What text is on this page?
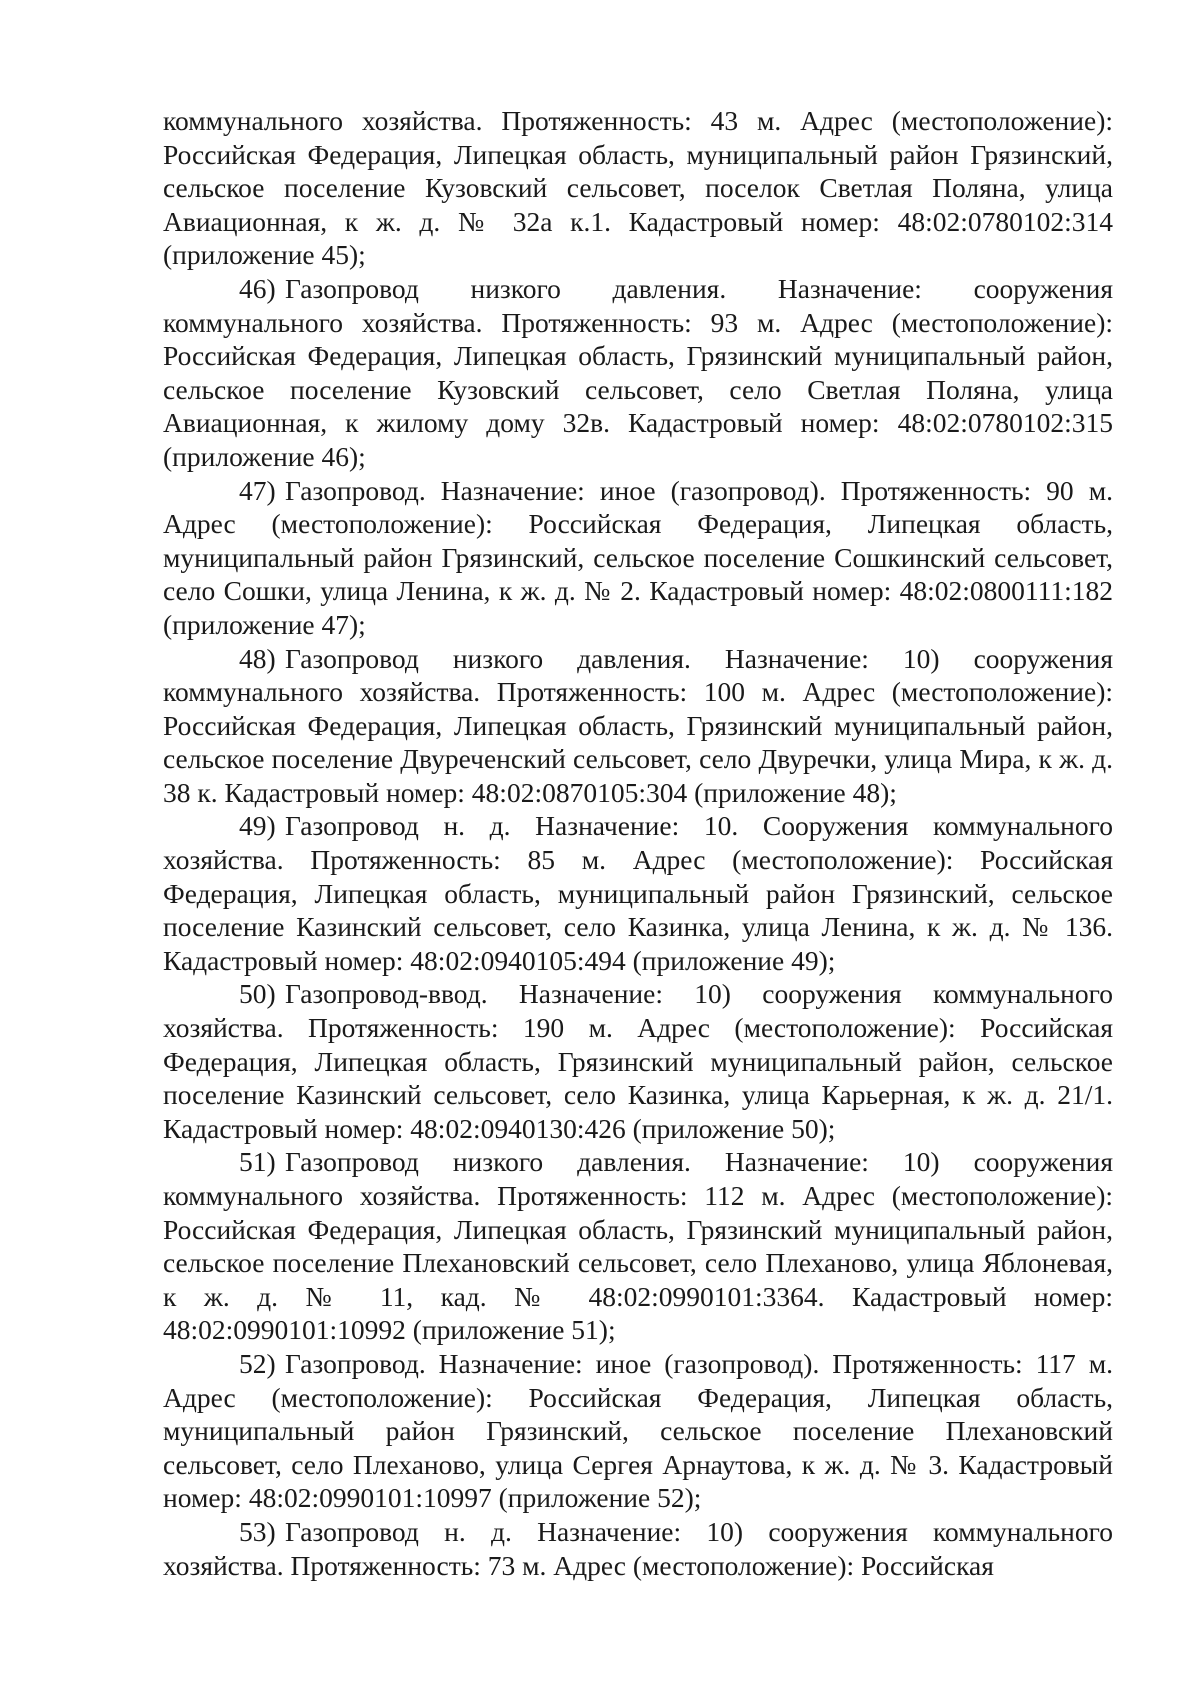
коммунального хозяйства. Протяженность: 43 м. Адрес (местоположение): Российская Федерация, Липецкая область, муниципальный район Грязинский, сельское поселение Кузовский сельсовет, поселок Светлая Поляна, улица Авиационная, к ж. д. № 32а к.1. Кадастровый номер: 48:02:0780102:314 (приложение 45);

46) Газопровод низкого давления. Назначение: сооружения коммунального хозяйства. Протяженность: 93 м. Адрес (местоположение): Российская Федерация, Липецкая область, Грязинский муниципальный район, сельское поселение Кузовский сельсовет, село Светлая Поляна, улица Авиационная, к жилому дому 32в. Кадастровый номер: 48:02:0780102:315 (приложение 46);

47) Газопровод. Назначение: иное (газопровод). Протяженность: 90 м. Адрес (местоположение): Российская Федерация, Липецкая область, муниципальный район Грязинский, сельское поселение Сошкинский сельсовет, село Сошки, улица Ленина, к ж. д. № 2. Кадастровый номер: 48:02:0800111:182 (приложение 47);

48) Газопровод низкого давления. Назначение: 10) сооружения коммунального хозяйства. Протяженность: 100 м. Адрес (местоположение): Российская Федерация, Липецкая область, Грязинский муниципальный район, сельское поселение Двуреченский сельсовет, село Двуречки, улица Мира, к ж. д. 38 к. Кадастровый номер: 48:02:0870105:304 (приложение 48);

49) Газопровод н. д. Назначение: 10. Сооружения коммунального хозяйства. Протяженность: 85 м. Адрес (местоположение): Российская Федерация, Липецкая область, муниципальный район Грязинский, сельское поселение Казинский сельсовет, село Казинка, улица Ленина, к ж. д. № 136. Кадастровый номер: 48:02:0940105:494 (приложение 49);

50) Газопровод-ввод. Назначение: 10) сооружения коммунального хозяйства. Протяженность: 190 м. Адрес (местоположение): Российская Федерация, Липецкая область, Грязинский муниципальный район, сельское поселение Казинский сельсовет, село Казинка, улица Карьерная, к ж. д. 21/1. Кадастровый номер: 48:02:0940130:426 (приложение 50);

51) Газопровод низкого давления. Назначение: 10) сооружения коммунального хозяйства. Протяженность: 112 м. Адрес (местоположение): Российская Федерация, Липецкая область, Грязинский муниципальный район, сельское поселение Плехановский сельсовет, село Плеханово, улица Яблоневая, к ж. д. № 11, кад. № 48:02:0990101:3364. Кадастровый номер: 48:02:0990101:10992 (приложение 51);

52) Газопровод. Назначение: иное (газопровод). Протяженность: 117 м. Адрес (местоположение): Российская Федерация, Липецкая область, муниципальный район Грязинский, сельское поселение Плехановский сельсовет, село Плеханово, улица Сергея Арнаутова, к ж. д. № 3. Кадастровый номер: 48:02:0990101:10997 (приложение 52);

53) Газопровод н. д. Назначение: 10) сооружения коммунального хозяйства. Протяженность: 73 м. Адрес (местоположение): Российская
